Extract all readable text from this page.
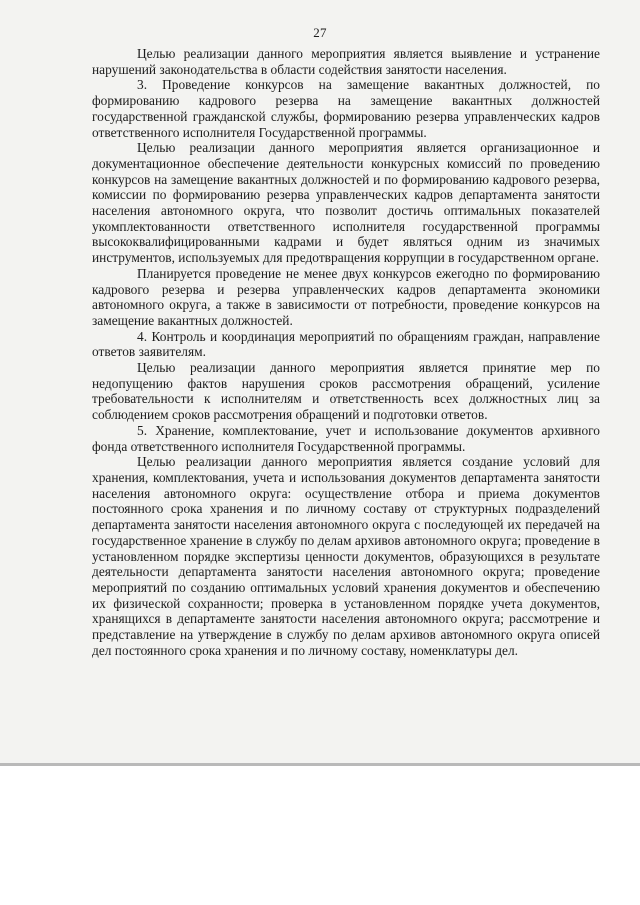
27

Целью реализации данного мероприятия является выявление и устранение нарушений законодательства в области содействия занятости населения.

3. Проведение конкурсов на замещение вакантных должностей, по формированию кадрового резерва на замещение вакантных должностей государственной гражданской службы, формированию резерва управленческих кадров ответственного исполнителя Государственной программы.

Целью реализации данного мероприятия является организационное и документационное обеспечение деятельности конкурсных комиссий по проведению конкурсов на замещение вакантных должностей и по формированию кадрового резерва, комиссии по формированию резерва управленческих кадров департамента занятости населения автономного округа, что позволит достичь оптимальных показателей укомплектованности ответственного исполнителя государственной программы высококвалифицированными кадрами и будет являться одним из значимых инструментов, используемых для предотвращения коррупции в государственном органе.

Планируется проведение не менее двух конкурсов ежегодно по формированию кадрового резерва и резерва управленческих кадров департамента экономики автономного округа, а также в зависимости от потребности, проведение конкурсов на замещение вакантных должностей.

4. Контроль и координация мероприятий по обращениям граждан, направление ответов заявителям.

Целью реализации данного мероприятия является принятие мер по недопущению фактов нарушения сроков рассмотрения обращений, усиление требовательности к исполнителям и ответственность всех должностных лиц за соблюдением сроков рассмотрения обращений и подготовки ответов.

5. Хранение, комплектование, учет и использование документов архивного фонда ответственного исполнителя Государственной программы.

Целью реализации данного мероприятия является создание условий для хранения, комплектования, учета и использования документов департамента занятости населения автономного округа: осуществление отбора и приема документов постоянного срока хранения и по личному составу от структурных подразделений департамента занятости населения автономного округа с последующей их передачей на государственное хранение в службу по делам архивов автономного округа; проведение в установленном порядке экспертизы ценности документов, образующихся в результате деятельности департамента занятости населения автономного округа; проведение мероприятий по созданию оптимальных условий хранения документов и обеспечению их физической сохранности; проверка в установленном порядке учета документов, хранящихся в департаменте занятости населения автономного округа; рассмотрение и представление на утверждение в службу по делам архивов автономного округа описей дел постоянного срока хранения и по личному составу, номенклатуры дел.
